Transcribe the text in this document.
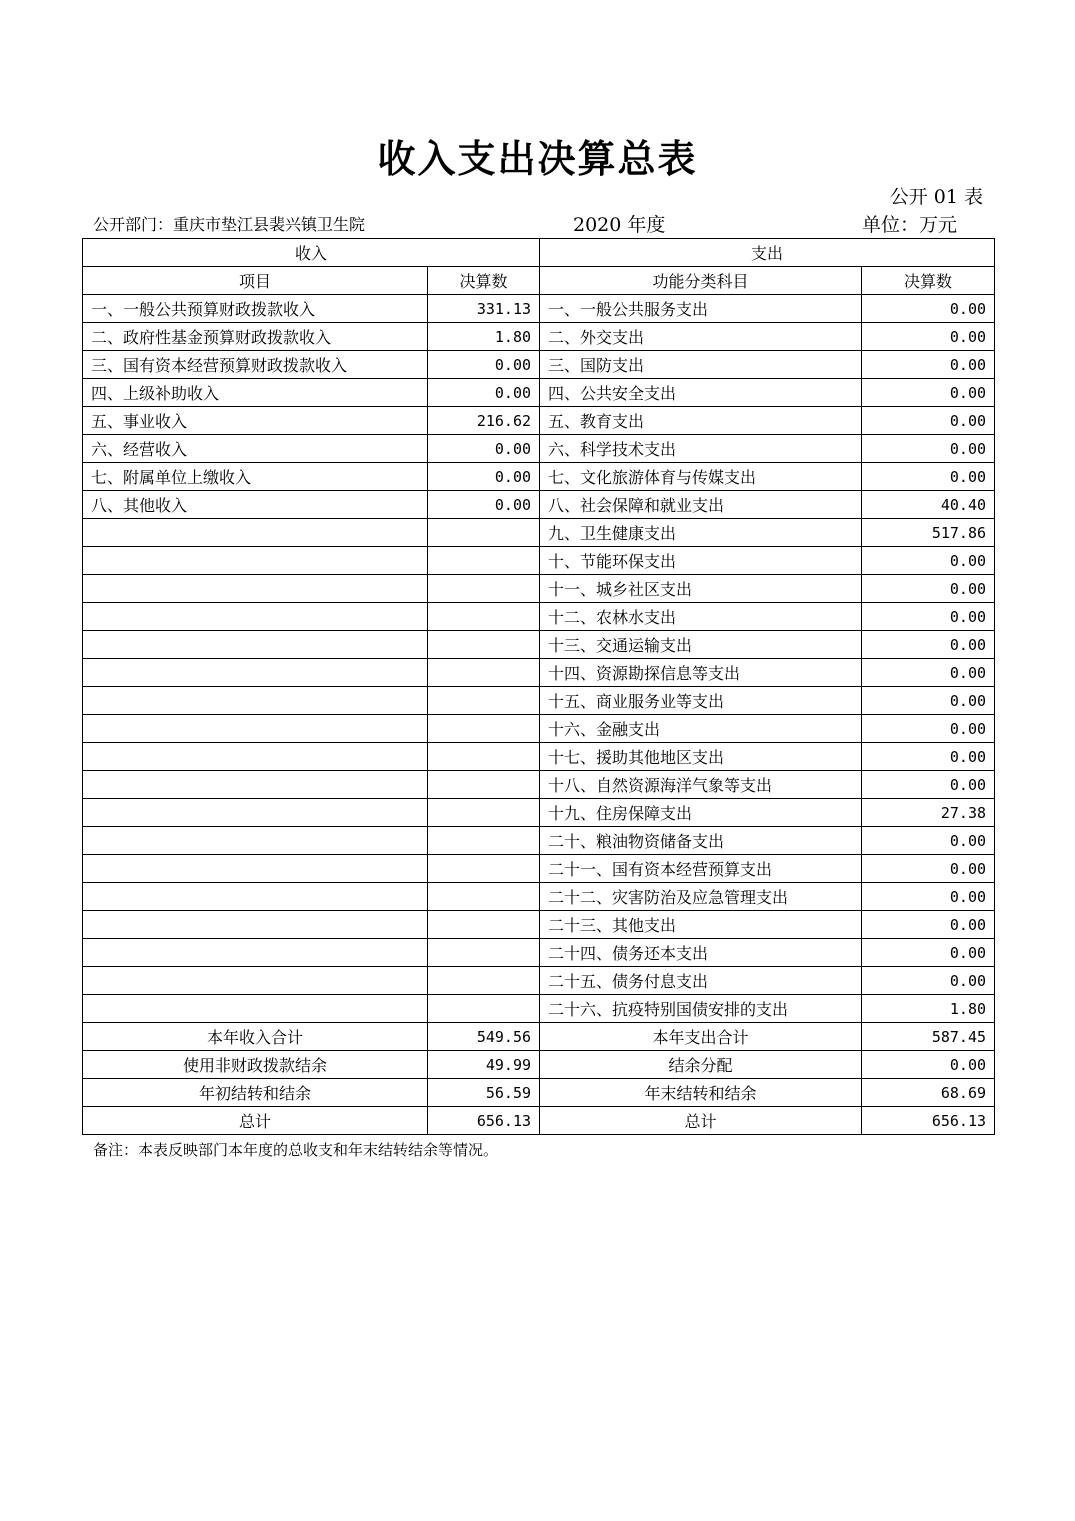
收入支出决算总表
公开 01 表
公开部门：重庆市垫江县裴兴镇卫生院	2020 年度	单位：万元
收入		支出	
项目	决算数	功能分类科目	决算数
一、一般公共预算财政拨款收入	331.13	一、一般公共服务支出	0.00
二、政府性基金预算财政拨款收入	1.80	二、外交支出	0.00
三、国有资本经营预算财政拨款收入	0.00	三、国防支出	0.00
四、上级补助收入	0.00	四、公共安全支出	0.00
五、事业收入	216.62	五、教育支出	0.00
六、经营收入	0.00	六、科学技术支出	0.00
七、附属单位上缴收入	0.00	七、文化旅游体育与传媒支出	0.00
八、其他收入	0.00	八、社会保障和就业支出	40.40
		九、卫生健康支出	517.86
		十、节能环保支出	0.00
		十一、城乡社区支出	0.00
		十二、农林水支出	0.00
		十三、交通运输支出	0.00
		十四、资源勘探信息等支出	0.00
		十五、商业服务业等支出	0.00
		十六、金融支出	0.00
		十七、援助其他地区支出	0.00
		十八、自然资源海洋气象等支出	0.00
		十九、住房保障支出	27.38
		二十、粮油物资储备支出	0.00
		二十一、国有资本经营预算支出	0.00
		二十二、灾害防治及应急管理支出	0.00
		二十三、其他支出	0.00
		二十四、债务还本支出	0.00
		二十五、债务付息支出	0.00
		二十六、抗疫特别国债安排的支出	1.80
本年收入合计	549.56	本年支出合计	587.45
使用非财政拨款结余	49.99	结余分配	0.00
年初结转和结余	56.59	年末结转和结余	68.69
总计	656.13	总计	656.13
备注：本表反映部门本年度的总收支和年末结转结余等情况。
